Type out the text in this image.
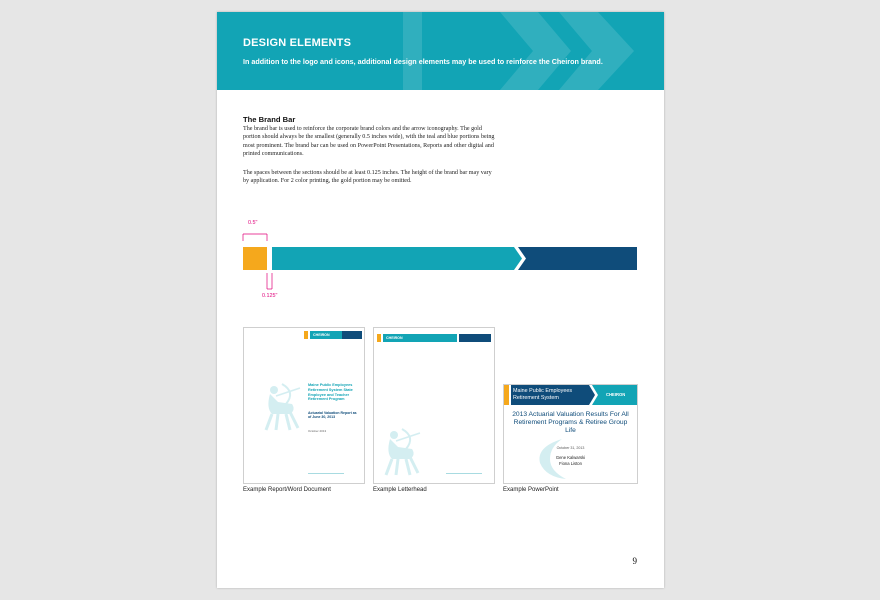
DESIGN ELEMENTS
In addition to the logo and icons, additional design elements may be used to reinforce the Cheiron brand.
The Brand Bar

The brand bar is used to reinforce the corporate brand colors and the arrow iconography. The gold portion should always be the smallest (generally 0.5 inches wide), with the teal and blue portions being most prominent. The brand bar can be used on PowerPoint Presentations, Reports and other digital and printed communications.

The spaces between the sections should be at least 0.125 inches. The height of the brand bar may vary by application. For 2 color printing, the gold portion may be omitted.

0.5"
0.125"
CHEIRON
Maine Public Employees Retirement System State Employee and Teacher Retirement Program
Actuarial Valuation Report as of June 30, 2013
October 2013
Example Report/Word Document
CHEIRON
Example Letterhead
Maine Public Employees Retirement System
CHEIRON
2013 Actuarial Valuation Results For All Retirement Programs & Retiree Group Life
October 31, 2013
Gene Kalwarski
Fiona Liston
Example PowerPoint
9
